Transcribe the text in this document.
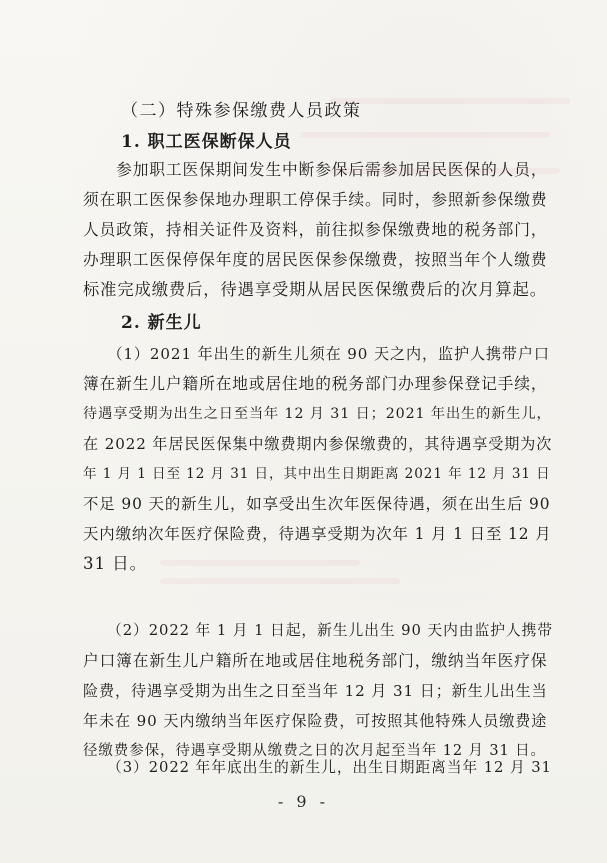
（二）特殊参保缴费人员政策
1. 职工医保断保人员
　　参加职工医保期间发生中断参保后需参加居民医保的人员，
须在职工医保参保地办理职工停保手续。同时，参照新参保缴费
人员政策，持相关证件及资料，前往拟参保缴费地的税务部门，
办理职工医保停保年度的居民医保参保缴费，按照当年个人缴费
标准完成缴费后，待遇享受期从居民医保缴费后的次月算起。
2. 新生儿
　　（1）2021 年出生的新生儿须在 90 天之内，监护人携带户口
簿在新生儿户籍所在地或居住地的税务部门办理参保登记手续，
待遇享受期为出生之日至当年 12 月 31 日；2021 年出生的新生儿，
在 2022 年居民医保集中缴费期内参保缴费的，其待遇享受期为次
年 1 月 1 日至 12 月 31 日，其中出生日期距离 2021 年 12 月 31 日
不足 90 天的新生儿，如享受出生次年医保待遇，须在出生后 90
天内缴纳次年医疗保险费，待遇享受期为次年 1 月 1 日至 12 月
31 日。
　　（2）2022 年 1 月 1 日起，新生儿出生 90 天内由监护人携带
户口簿在新生儿户籍所在地或居住地税务部门，缴纳当年医疗保
险费，待遇享受期为出生之日至当年 12 月 31 日；新生儿出生当
年未在 90 天内缴纳当年医疗保险费，可按照其他特殊人员缴费途
径缴费参保，待遇享受期从缴费之日的次月起至当年 12 月 31 日。
　　（3）2022 年年底出生的新生儿，出生日期距离当年 12 月 31
- 9 -
